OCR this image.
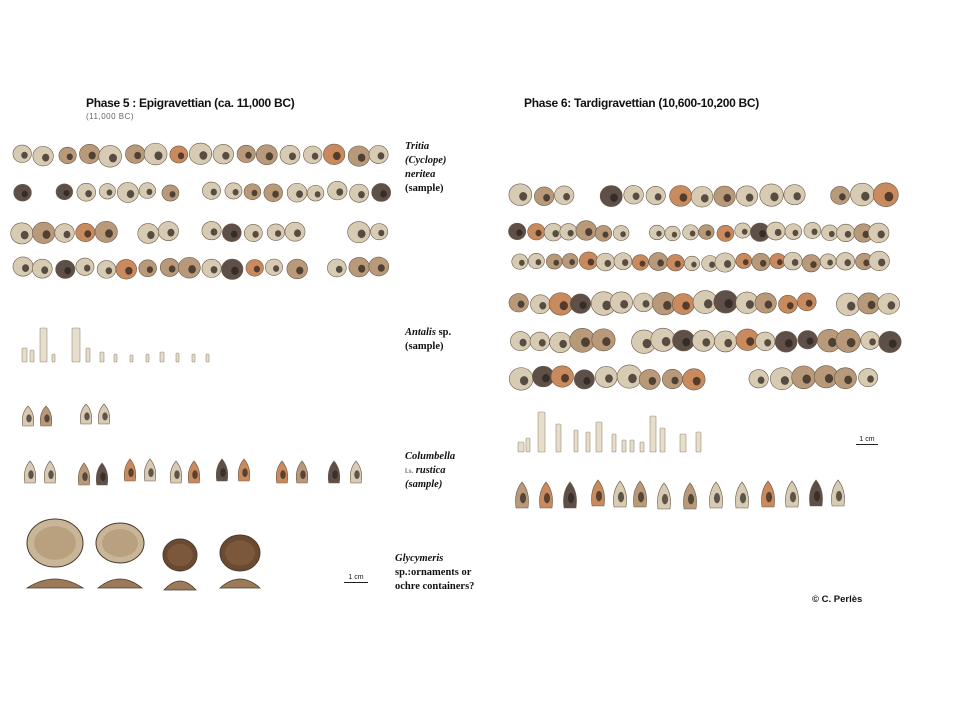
Phase 5 : Epigravettian (ca. 11,000 BC)
(11,000 BC)
Phase 6: Tardigravettian (10,600-10,200 BC)
Tritia
(Cyclope)
neritea
(sample)
Antalis sp.
(sample)
Columbella
l.s. rustica
(sample)
Glycymeris
sp.:ornaments or
ochre containers?
1 cm
1 cm
© C. Perlès
